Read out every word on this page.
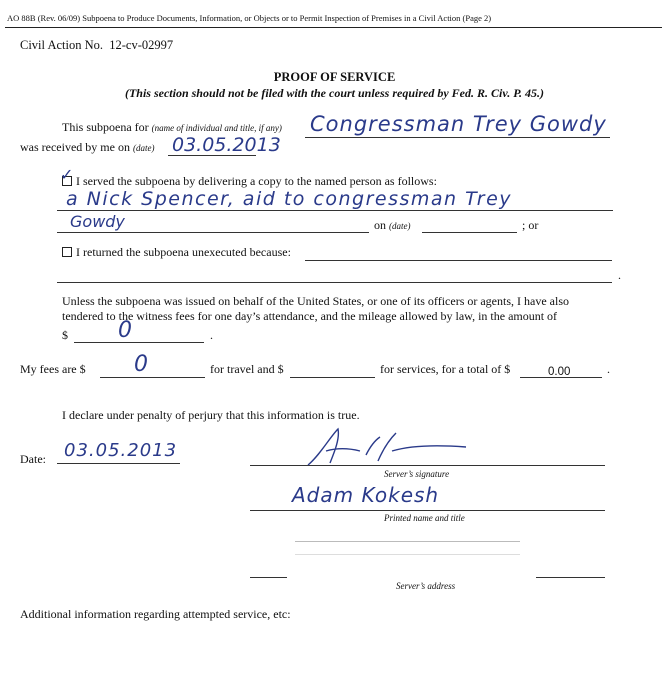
AO 88B (Rev. 06/09) Subpoena to Produce Documents, Information, or Objects or to Permit Inspection of Premises in a Civil Action (Page 2)
Civil Action No. 12-cv-02997
PROOF OF SERVICE
(This section should not be filed with the court unless required by Fed. R. Civ. P. 45.)
This subpoena for (name of individual and title, if any) Congressman Trey Gowdy
was received by me on (date) 03.05.2013
I served the subpoena by delivering a copy to the named person as follows:
✓
a Nick Spencer, aid to congressman Trey
Gowdy	on (date)	; or
I returned the subpoena unexecuted because:
.
Unless the subpoena was issued on behalf of the United States, or one of its officers or agents, I have also
tendered to the witness fees for one day’s attendance, and the mileage allowed by law, in the amount of
$ 0	.
My fees are $ 0	for travel and $	for services, for a total of $	0.00	.
I declare under penalty of perjury that this information is true.
Date: 03.05.2013
Server’s signature
Adam Kokesh
Printed name and title
Server’s address
Additional information regarding attempted service, etc:
